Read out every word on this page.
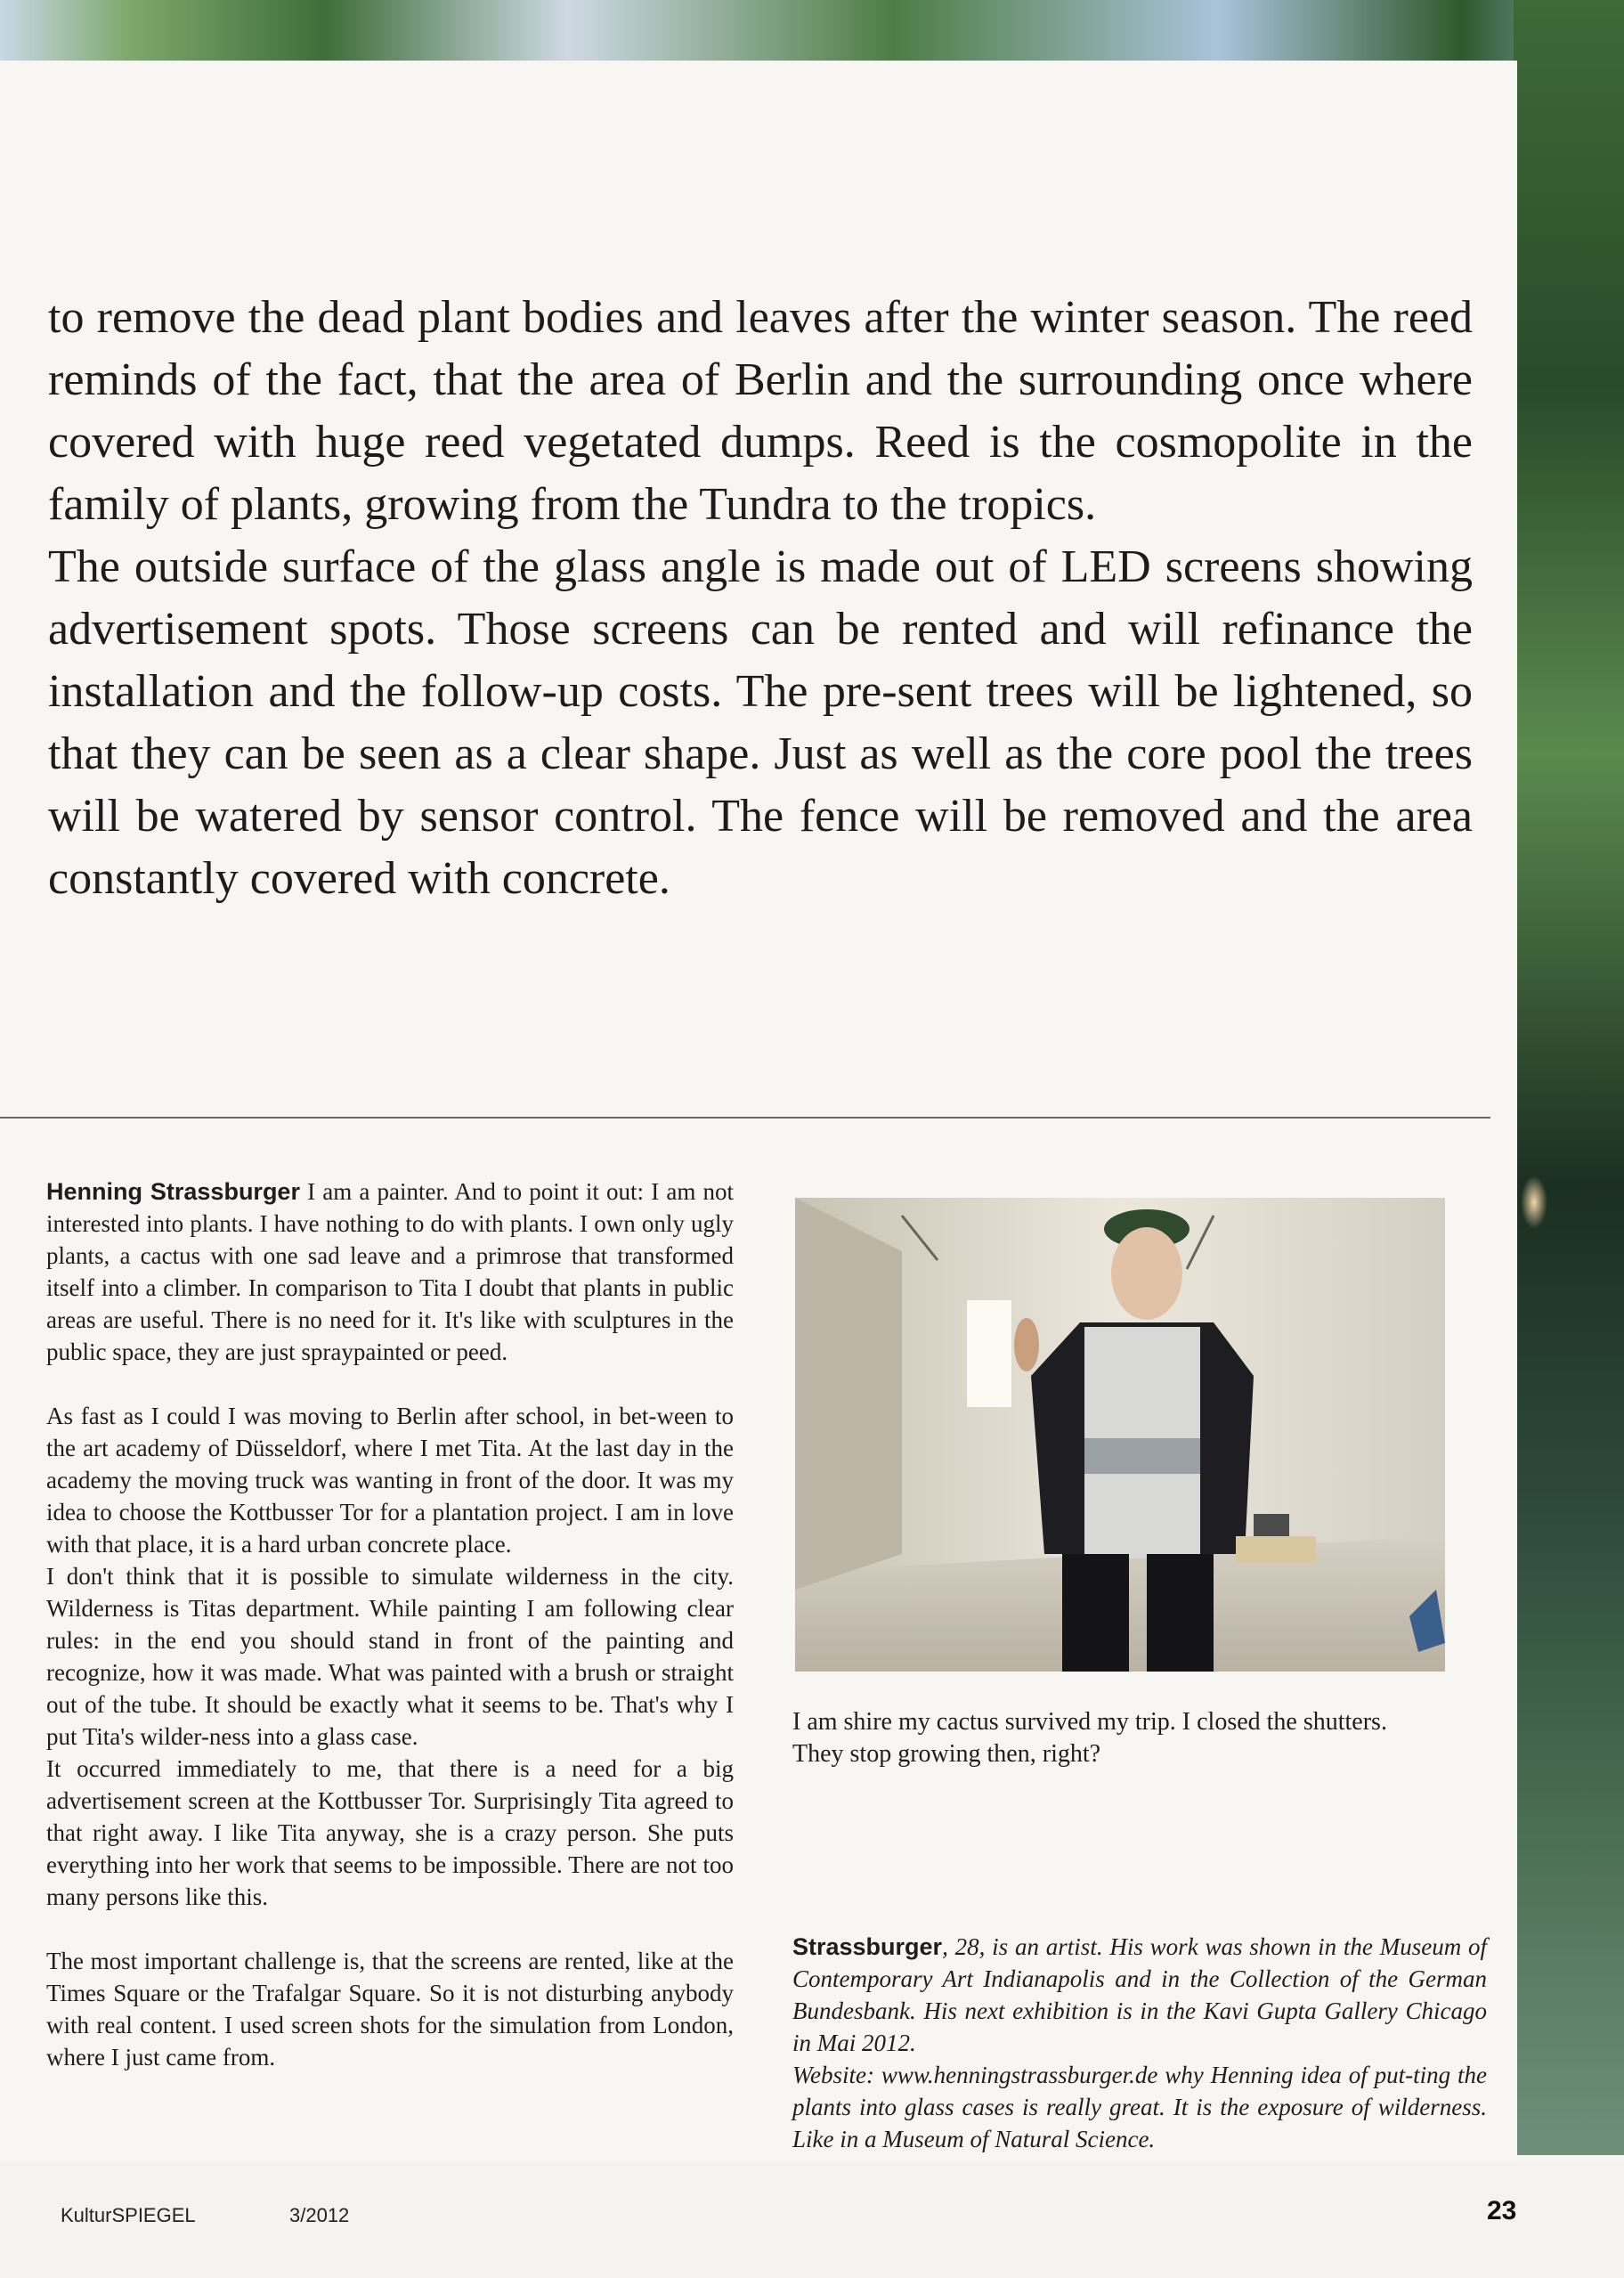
to remove the dead plant bodies and leaves after the winter season. The reed reminds of the fact, that the area of Berlin and the surrounding once where covered with huge reed vegetated dumps. Reed is the cosmopolite in the family of plants, growing from the Tundra to the tropics.

The outside surface of the glass angle is made out of LED screens showing advertisement spots. Those screens can be rented and will refinance the installation and the follow-up costs. The pre-sent trees will be lightened, so that they can be seen as a clear shape. Just as well as the core pool the trees will be watered by sensor control. The fence will be removed and the area constantly covered with concrete.

Henning Strassburger I am a painter. And to point it out: I am not interested into plants. I have nothing to do with plants. I own only ugly plants, a cactus with one sad leave and a primrose that transformed itself into a climber. In comparison to Tita I doubt that plants in public areas are useful. There is no need for it. It's like with sculptures in the public space, they are just spraypainted or peed.

As fast as I could I was moving to Berlin after school, in bet-ween to the art academy of Düsseldorf, where I met Tita. At the last day in the academy the moving truck was wanting in front of the door. It was my idea to choose the Kottbusser Tor for a plantation project. I am in love with that place, it is a hard urban concrete place.

I don't think that it is possible to simulate wilderness in the city. Wilderness is Titas department. While painting I am following clear rules: in the end you should stand in front of the painting and recognize, how it was made. What was painted with a brush or straight out of the tube. It should be exactly what it seems to be. That's why I put Tita's wilder-ness into a glass case.

It occurred immediately to me, that there is a need for a big advertisement screen at the Kottbusser Tor. Surprisingly Tita agreed to that right away. I like Tita anyway, she is a crazy person. She puts everything into her work that seems to be impossible. There are not too many persons like this.

The most important challenge is, that the screens are rented, like at the Times Square or the Trafalgar Square. So it is not disturbing anybody with real content. I used screen shots for the simulation from London, where I just came from.

I am shire my cactus survived my trip. I closed the shutters.

They stop growing then, right?

Strassburger, 28, is an artist. His work was shown in the Museum of Contemporary Art Indianapolis and in the Collection of the German Bundesbank. His next exhibition is in the Kavi Gupta Gallery Chicago in Mai 2012.

Website: www.henningstrassburger.de why Henning idea of put-ting the plants into glass cases is really great. It is the exposure of wilderness. Like in a Museum of Natural Science.

KulturSPIEGEL	3/2012	23
